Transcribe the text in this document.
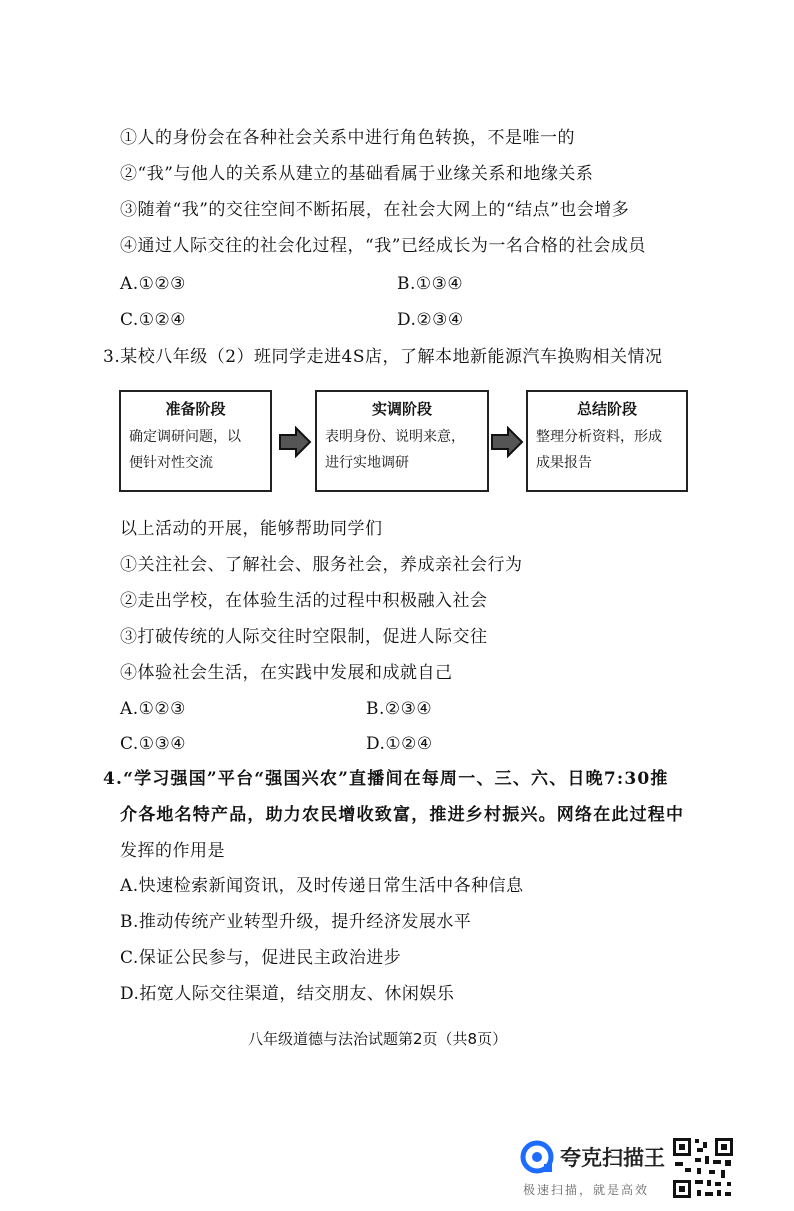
①人的身份会在各种社会关系中进行角色转换，不是唯一的
②“我”与他人的关系从建立的基础看属于业缘关系和地缘关系
③随着“我”的交往空间不断拓展，在社会大网上的“结点”也会增多
④通过人际交往的社会化过程，“我”已经成长为一名合格的社会成员
A.①②③	B.①③④
C.①②④	D.②③④
3.某校八年级（2）班同学走进4S店，了解本地新能源汽车换购相关情况
准备阶段
确定调研问题，以
便针对性交流
实调阶段
表明身份、说明来意，
进行实地调研
总结阶段
整理分析资料，形成
成果报告
以上活动的开展，能够帮助同学们
①关注社会、了解社会、服务社会，养成亲社会行为
②走出学校，在体验生活的过程中积极融入社会
③打破传统的人际交往时空限制，促进人际交往
④体验社会生活，在实践中发展和成就自己
A.①②③	B.②③④
C.①③④	D.①②④
4.“学习强国”平台“强国兴农”直播间在每周一、三、六、日晚7:30推
介各地名特产品，助力农民增收致富，推进乡村振兴。网络在此过程中
发挥的作用是
A.快速检索新闻资讯，及时传递日常生活中各种信息
B.推动传统产业转型升级，提升经济发展水平
C.保证公民参与，促进民主政治进步
D.拓宽人际交往渠道，结交朋友、休闲娱乐
八年级道德与法治试题第2页（共8页）
夸克扫描王
极速扫描，就是高效
